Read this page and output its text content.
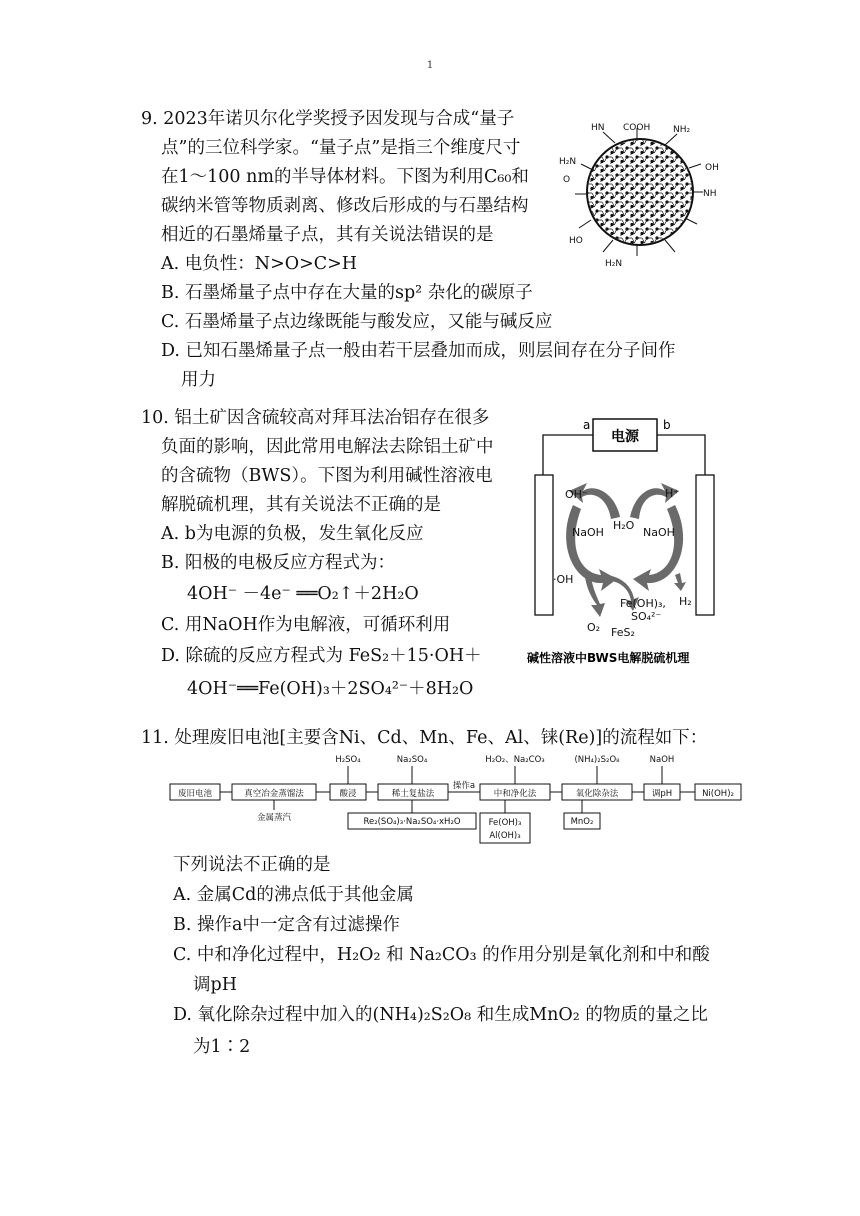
1
9. 2023年诺贝尔化学奖授予因发现与合成“量子
点”的三位科学家。“量子点”是指三个维度尺寸
在1～100 nm的半导体材料。下图为利用C₆₀和
碳纳米管等物质剥离、修改后形成的与石墨结构
相近的石墨烯量子点，其有关说法错误的是
A. 电负性：N>O>C>H
B. 石墨烯量子点中存在大量的sp² 杂化的碳原子
C. 石墨烯量子点边缘既能与酸发应，又能与碱反应
D. 已知石墨烯量子点一般由若干层叠加而成，则层间存在分子间作
用力
COOH	NH₂
H₂N
O
OH
HN
NH
HO
H₂N
10. 铝土矿因含硫较高对拜耳法冶铝存在很多
负面的影响，因此常用电解法去除铝土矿中
的含硫物（BWS）。下图为利用碱性溶液电
解脱硫机理，其有关说法不正确的是
A. b为电源的负极，发生氧化反应
B. 阳极的电极反应方程式为：
4OH⁻ －4e⁻ ══O₂↑＋2H₂O
C. 用NaOH作为电解液，可循环利用
D. 除硫的反应方程式为 FeS₂＋15·OH＋
4OH⁻══Fe(OH)₃＋2SO₄²⁻＋8H₂O
电源
a	b
OH⁻	H⁺
NaOH
H₂O
NaOH
·OH
Fe(OH)₃,
SO₄²⁻
H₂
O₂ FeS₂
碱性溶液中BWS电解脱硫机理
11. 处理废旧电池[主要含Ni、Cd、Mn、Fe、Al、铼(Re)]的流程如下：
废旧电池	真空冶金蒸馏法	酸浸	稀土复盐法	中和净化法	氧化除杂法	调pH	Ni(OH)₂
H₂SO₄	Na₂SO₄
操作a
H₂O₂、Na₂CO₃	(NH₄)₂S₂O₈	NaOH
金属蒸汽	Re₂(SO₄)₃·Na₂SO₄·xH₂O	Fe(OH)₃
Al(OH)₃
MnO₂
下列说法不正确的是
A. 金属Cd的沸点低于其他金属
B. 操作a中一定含有过滤操作
C. 中和净化过程中，H₂O₂ 和 Na₂CO₃ 的作用分别是氧化剂和中和酸
调pH
D. 氧化除杂过程中加入的(NH₄)₂S₂O₈ 和生成MnO₂ 的物质的量之比
为1∶2
